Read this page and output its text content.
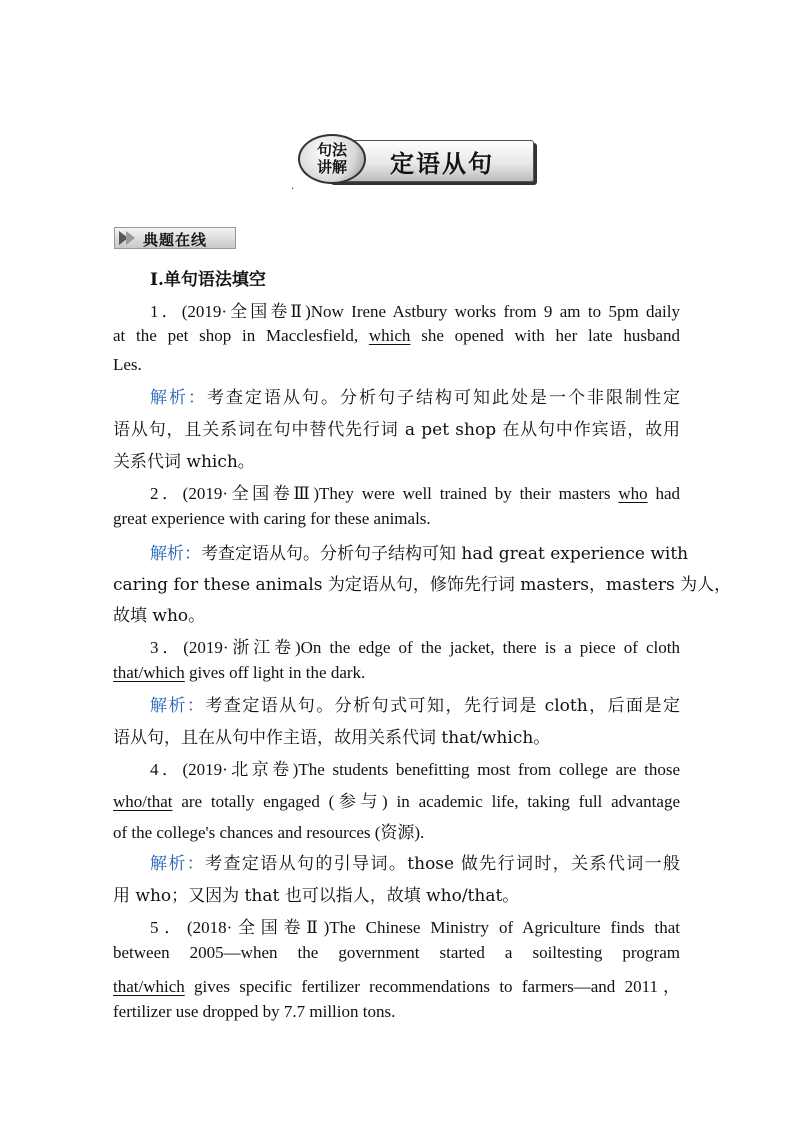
句法
讲解	定语从句
·
典题在线
Ⅰ.单句语法填空
1．(2019·全国卷Ⅱ)Now Irene Astbury works from 9 am to 5pm daily
at the pet shop in Macclesfield, which she opened with her late husband
Les.
解析：考查定语从句。分析句子结构可知此处是一个非限制性定
语从句，且关系词在句中替代先行词 a pet shop 在从句中作宾语，故用
关系代词 which。
2．(2019·全国卷Ⅲ)They were well trained by their masters who had
great experience with caring for these animals.
解析：考查定语从句。分析句子结构可知 had great experience with
caring for these animals 为定语从句，修饰先行词 masters，masters 为人，
故填 who。
3．(2019·浙江卷)On the edge of the jacket, there is a piece of cloth
that/which gives off light in the dark.
解析：考查定语从句。分析句式可知，先行词是 cloth，后面是定
语从句，且在从句中作主语，故用关系代词 that/which。
4．(2019·北京卷)The students benefitting most from college are those
who/that are totally engaged (参与) in academic life, taking full advantage
of the college's chances and resources (资源).
解析：考查定语从句的引导词。those 做先行词时，关系代词一般
用 who；又因为 that 也可以指人，故填 who/that。
5．(2018·全国卷Ⅱ)The Chinese Ministry of Agriculture finds that
between 2005—when the government started a soiltesting program
that/which gives specific fertilizer recommendations to farmers—and 2011，
fertilizer use dropped by 7.7 million tons.
